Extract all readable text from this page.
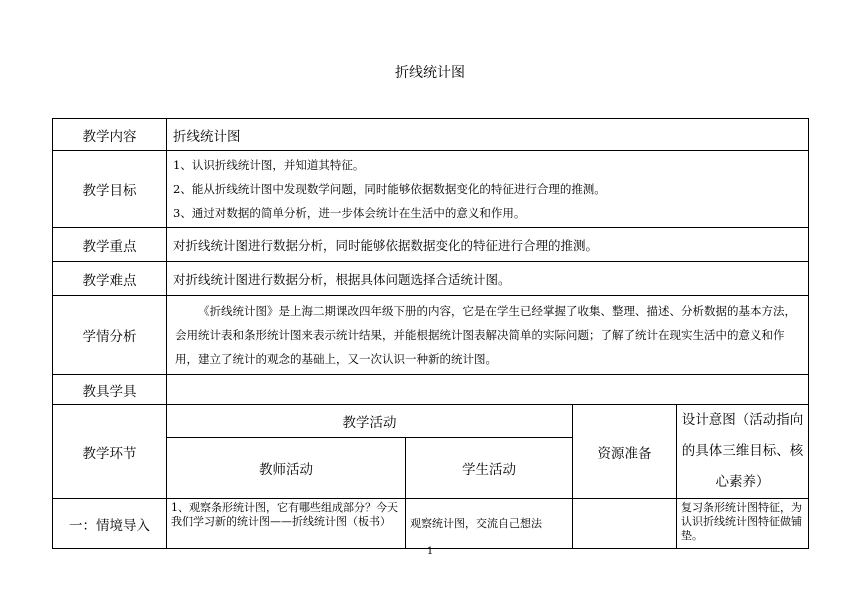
折线统计图
教学内容	折线统计图			
教学目标	1、认识折线统计图，并知道其特征。
2、能从折线统计图中发现数学问题，同时能够依据数据变化的特征进行合理的推测。
3、通过对数据的简单分析，进一步体会统计在生活中的意义和作用。			

教学重点	对折线统计图进行数据分析，同时能够依据数据变化的特征进行合理的推测。			
教学难点	对折线统计图进行数据分析，根据具体问题选择合适统计图。			
学情分析	《折线统计图》是上海二期课改四年级下册的内容，它是在学生已经掌握了收集、整理、描述、分析数据的基本方法，会用统计表和条形统计图来表示统计结果，并能根据统计图表解决简单的实际问题；了解了统计在现实生活中的意义和作用，建立了统计的观念的基础上，又一次认识一种新的统计图。			
教具学具				
教学环节	教学活动		资源准备	设计意图（活动指向的具体三维目标、核心素养）
	教师活动	学生活动		
一：情境导入	1、观察条形统计图，它有哪些组成部分？今天我们学习新的统计图——折线统计图（板书）	观察统计图，交流自己想法		复习条形统计图特征，为认识折线统计图特征做铺垫。
1
